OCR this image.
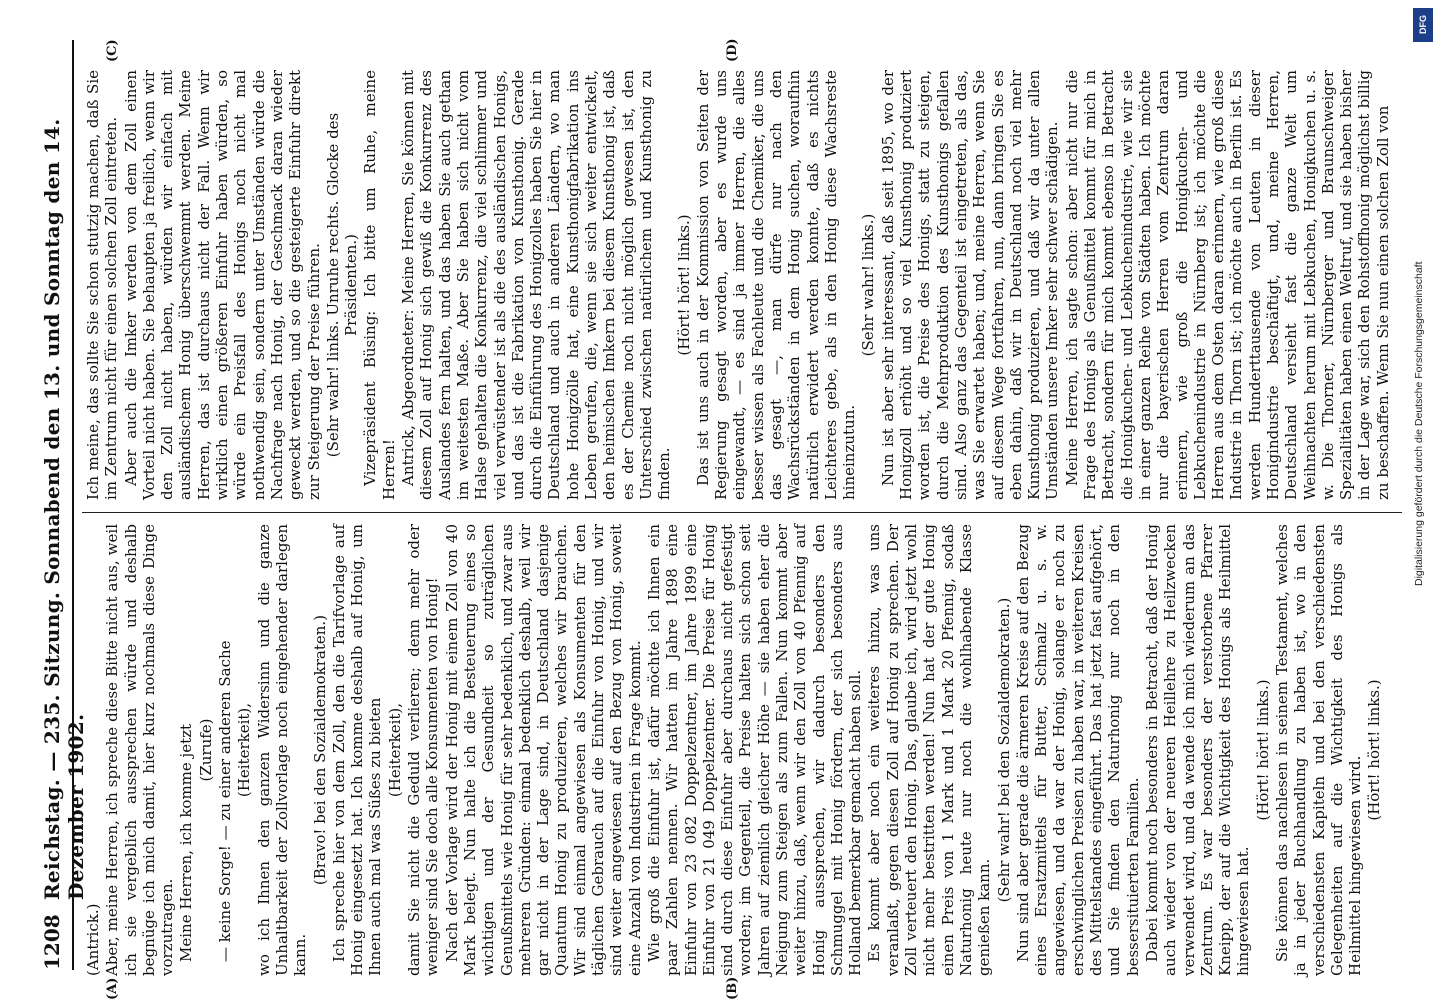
1208
Reichstag. — 235. Sitzung. Sonnabend den 13. und Sonntag den 14. Dezember 1902.
(A)	(B)
(C)	(D)

(Antrick.) Aber, meine Herren, ich spreche diese Bitte nicht aus, weil ich sie vergeblich aussprechen würde und deshalb begnüge ich mich damit, hier kurz nochmals diese Dinge vorzutragen. Meine Herren, ich komme jetzt (Zurufe) — keine Sorge! — zu einer anderen Sache (Heiterkeit), wo ich Ihnen den ganzen Widersinn und die ganze Unhaltbarkeit der Zollvorlage noch eingehender darlegen kann.

(Bravo! bei den Sozialdemokraten.) Ich spreche hier von dem Zoll, den die Tarifvorlage auf Honig eingesetzt hat. Ich komme deshalb auf Honig, um Ihnen auch mal was Süßes zu bieten (Heiterkeit), damit Sie nicht die Geduld verlieren; denn mehr oder weniger sind Sie doch alle Konsumenten von Honig! Nach der Vorlage wird der Honig mit einem Zoll von 40 Mark belegt. Nun halte ich die Besteuerung eines so wichtigen und der Gesundheit so zuträglichen Genußmittels wie Honig für sehr bedenklich, und zwar aus mehreren Gründen: einmal bedenklich deshalb, weil wir gar nicht in der Lage sind, in Deutschland dasjenige Quantum Honig zu produzieren, welches wir brauchen. Wir sind einmal angewiesen als Konsumenten für den täglichen Gebrauch auf die Einfuhr von Honig, und wir sind weiter angewiesen auf den Bezug von Honig, soweit eine Anzahl von Industrien in Frage kommt. Wie groß die Einfuhr ist, dafür möchte ich Ihnen ein paar Zahlen nennen. Wir hatten im Jahre 1898 eine Einfuhr von 23 082 Doppelzentner, im Jahre 1899 eine Einfuhr von 21 049 Doppelzentner. Die Preise für Honig sind durch diese Einfuhr aber durchaus nicht gefestigt worden; im Gegenteil, die Preise halten sich schon seit Jahren auf ziemlich gleicher Höhe — sie haben eher die Neigung zum Steigen als zum Fallen. Nun kommt aber weiter hinzu, daß, wenn wir den Zoll von 40 Pfennig auf Honig aussprechen, wir dadurch besonders den Schmuggel mit Honig fördern, der sich besonders aus Holland bemerkbar gemacht haben soll. Es kommt aber noch ein weiteres hinzu, was uns veranlaßt, gegen diesen Zoll auf Honig zu sprechen. Der Zoll verteuert den Honig. Das, glaube ich, wird jetzt wohl nicht mehr bestritten werden! Nun hat der gute Honig einen Preis von 1 Mark und 1 Mark 20 Pfennig, sodaß Naturhonig heute nur noch die wohlhabende Klasse genießen kann.

(Sehr wahr! bei den Sozialdemokraten.) Nun sind aber gerade die ärmeren Kreise auf den Bezug eines Ersatzmittels für Butter, Schmalz u. s. w. angewiesen, und da war der Honig, solange er noch zu erschwinglichen Preisen zu haben war, in weiteren Kreisen des Mittelstandes eingeführt. Das hat jetzt fast aufgehört, und Sie finden den Naturhonig nur noch in den bessersituierten Familien. Dabei kommt noch besonders in Betracht, daß der Honig auch wieder von der neueren Heillehre zu Heilzwecken verwendet wird, und da wende ich mich wiederum an das Zentrum. Es war besonders der verstorbene Pfarrer Kneipp, der auf die Wichtigkeit des Honigs als Heilmittel hingewiesen hat.

(Hört! hört! links.) Sie können das nachlesen in seinem Testament, welches ja in jeder Buchhandlung zu haben ist, wo in den verschiedensten Kapiteln und bei den verschiedensten Gelegenheiten auf die Wichtigkeit des Honigs als Heilmittel hingewiesen wird.

(Hört! hört! links.)

Ich meine, das sollte Sie schon stutzig machen, daß Sie im Zentrum nicht für einen solchen Zoll eintreten. Aber auch die Imker werden von dem Zoll einen Vorteil nicht haben. Sie behaupten ja freilich, wenn wir den Zoll nicht haben, würden wir einfach mit ausländischem Honig überschwemmt werden. Meine Herren, das ist durchaus nicht der Fall. Wenn wir wirklich einen größeren Einfuhr haben würden, so würde ein Preisfall des Honigs noch nicht mal nothwendig sein, sondern unter Umständen würde die Nachfrage nach Honig, der Geschmack daran wieder geweckt werden, und so die gesteigerte Einfuhr direkt zur Steigerung der Preise führen. (Sehr wahr! links. Unruhe rechts. Glocke des Präsidenten.) Vizepräsident Büsing: Ich bitte um Ruhe, meine Herren! Antrick, Abgeordneter: Meine Herren, Sie können mit diesem Zoll auf Honig sich gewiß die Konkurrenz des Auslandes fern halten, und das haben Sie auch gethan im weitesten Maße. Aber Sie haben sich nicht vom Halse gehalten die Konkurrenz, die viel schlimmer und viel verwüstender ist als die des ausländischen Honigs, und das ist die Fabrikation von Kunsthonig. Gerade durch die Einführung des Honigzolles haben Sie hier in Deutschland und auch in anderen Ländern, wo man hohe Honigzölle hat, eine Kunsthonigfabrikation ins Leben gerufen, die, wenn sie sich weiter entwickelt, den heimischen Imkern bei diesem Kunsthonig ist, daß es der Chemie noch nicht möglich gewesen ist, den Unterschied zwischen natürlichem und Kunsthonig zu finden.

(Hört! hört! links.) Das ist uns auch in der Kommission von Seiten der Regierung gesagt worden, aber es wurde uns eingewandt, — es sind ja immer Herren, die alles besser wissen als Fachleute und die Chemiker, die uns das gesagt —, man dürfe nur nach den Wachsrückständen in dem Honig suchen, woraufhin natürlich erwidert werden konnte, daß es nichts Leichteres gebe, als in den Honig diese Wachsreste hineinzutun.

(Sehr wahr! links.) Nun ist aber sehr interessant, daß seit 1895, wo der Honigzoll erhöht und so viel Kunsthonig produziert worden ist, die Preise des Honigs, statt zu steigen, durch die Mehrproduktion des Kunsthonigs gefallen sind. Also ganz das Gegenteil ist eingetreten, als das, was Sie erwartet haben; und, meine Herren, wenn Sie auf diesem Wege fortfahren, nun, dann bringen Sie es eben dahin, daß wir in Deutschland noch viel mehr Kunsthonig produzieren, und daß wir da unter allen Umständen unsere Imker sehr schwer schädigen. Meine Herren, ich sagte schon: aber nicht nur die Frage des Honigs als Genußmittel kommt für mich in Betracht, sondern für mich kommt ebenso in Betracht die Honigkuchen- und Lebkuchenindustrie, wie wir sie in einer ganzen Reihe von Städten haben. Ich möchte nur die bayerischen Herren vom Zentrum daran erinnern, wie groß die Honigkuchen- und Lebkuchenindustrie in Nürnberg ist; ich möchte die Herren aus dem Osten daran erinnern, wie groß diese Industrie in Thorn ist; ich möchte auch in Berlin ist. Es werden Hunderttausende von Leuten in dieser Honigindustrie beschäftigt, und, meine Herren, Deutschland versieht fast die ganze Welt um Weihnachten herum mit Lebkuchen, Honigkuchen u. s. w. Die Thorner, Nürnberger und Braunschweiger Spezialitäten haben einen Weltruf, und sie haben bisher in der Lage war, sich den Rohstoffhonig möglichst billig zu beschaffen. Wenn Sie nun einen solchen Zoll von

DFG
Digitalisierung gefördert durch die Deutsche Forschungsgemeinschaft
